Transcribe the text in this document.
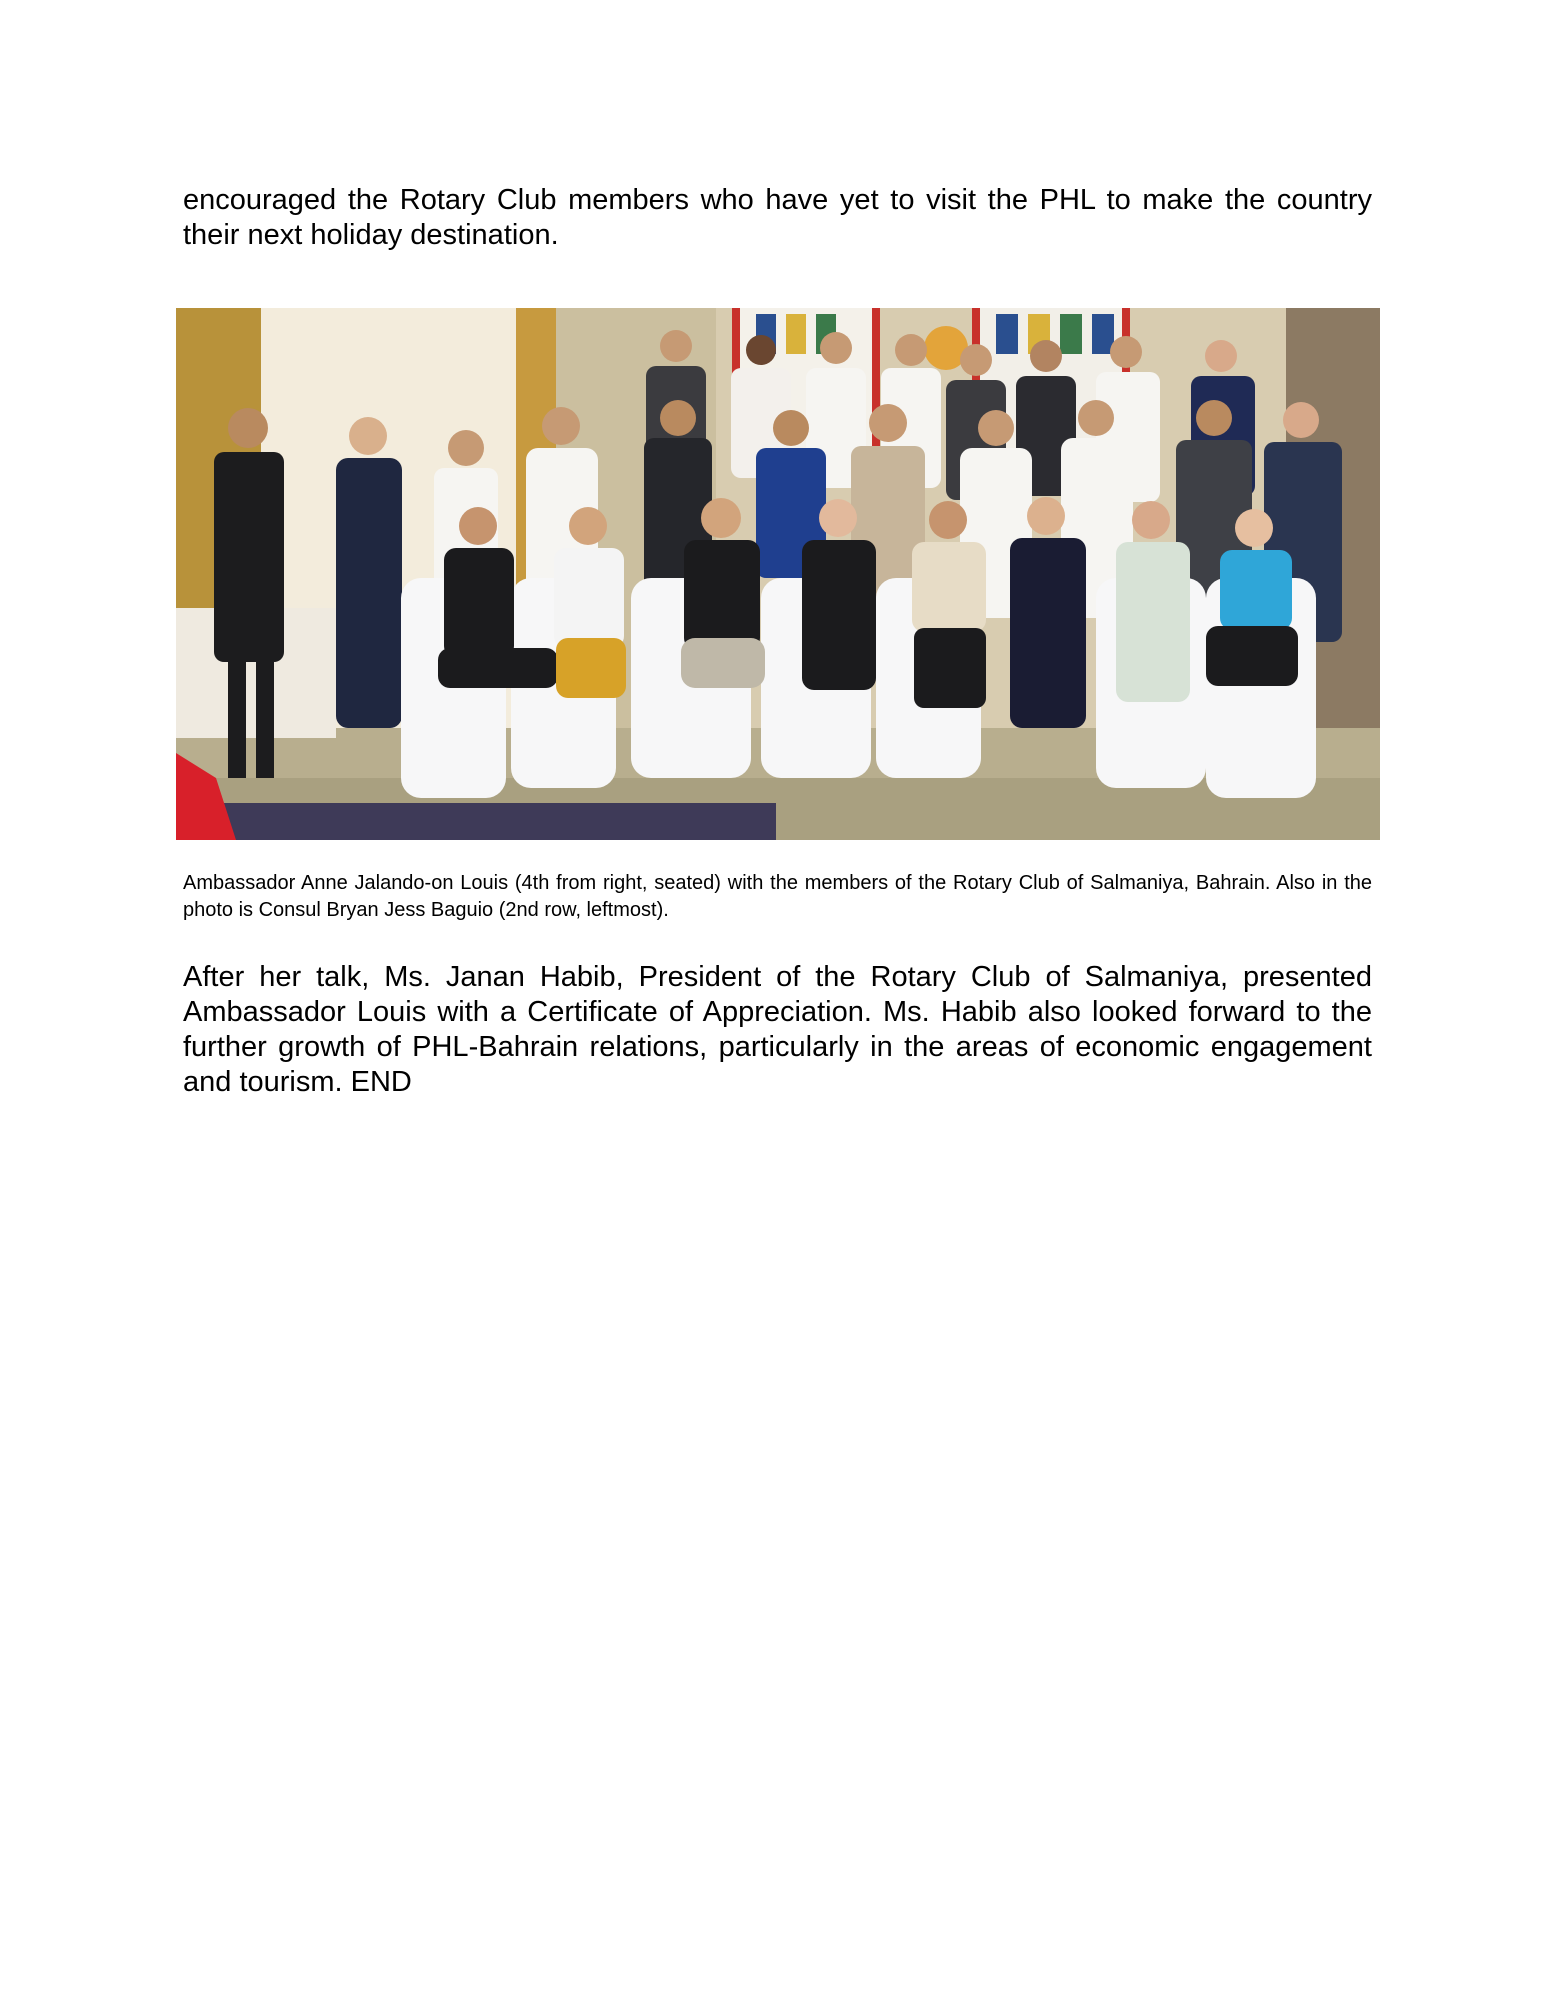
encouraged the Rotary Club members who have yet to visit the PHL to make the country their next holiday destination.

Ambassador Anne Jalando-on Louis (4th from right, seated) with the members of the Rotary Club of Salmaniya, Bahrain. Also in the photo is Consul Bryan Jess Baguio (2nd row, leftmost).

After her talk, Ms. Janan Habib, President of the Rotary Club of Salmaniya, presented Ambassador Louis with a Certificate of Appreciation. Ms. Habib also looked forward to the further growth of PHL-Bahrain relations, particularly in the areas of economic engagement and tourism. END
